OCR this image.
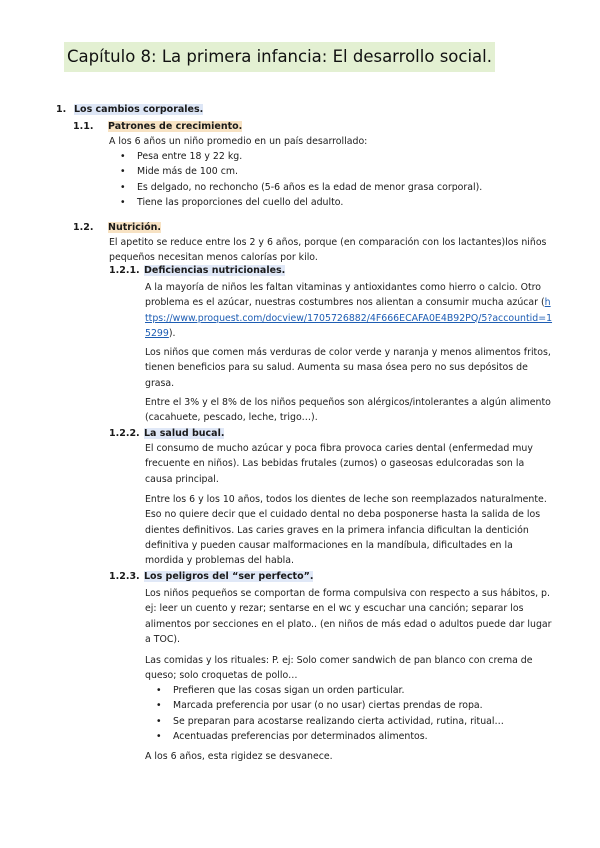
Capítulo 8: La primera infancia: El desarrollo social.
1. Los cambios corporales.
1.1. Patrones de crecimiento.

A los 6 años un niño promedio en un país desarrollado:

• Pesa entre 18 y 22 kg.
• Mide más de 100 cm.
• Es delgado, no rechoncho (5-6 años es la edad de menor grasa corporal).
• Tiene las proporciones del cuello del adulto.
1.2. Nutrición.

El apetito se reduce entre los 2 y 6 años, porque (en comparación con los lactantes)los niños pequeños necesitan menos calorías por kilo.

1.2.1. Deficiencias nutricionales.

A la mayoría de niños les faltan vitaminas y antioxidantes como hierro o calcio. Otro problema es el azúcar, nuestras costumbres nos alientan a consumir mucha azúcar (https://www.proquest.com/docview/1705726882/4F666ECAFA0E4B92PQ/5?accountid=15299).

Los niños que comen más verduras de color verde y naranja y menos alimentos fritos, tienen beneficios para su salud. Aumenta su masa ósea pero no sus depósitos de grasa.

Entre el 3% y el 8% de los niños pequeños son alérgicos/intolerantes a algún alimento (cacahuete, pescado, leche, trigo…).

1.2.2. La salud bucal.

El consumo de mucho azúcar y poca fibra provoca caries dental (enfermedad muy frecuente en niños). Las bebidas frutales (zumos) o gaseosas edulcoradas son la causa principal.

Entre los 6 y los 10 años, todos los dientes de leche son reemplazados naturalmente. Eso no quiere decir que el cuidado dental no deba posponerse hasta la salida de los dientes definitivos. Las caries graves en la primera infancia dificultan la dentición definitiva y pueden causar malformaciones en la mandíbula, dificultades en la mordida y problemas del habla.

1.2.3. Los peligros del “ser perfecto”.

Los niños pequeños se comportan de forma compulsiva con respecto a sus hábitos, p. ej: leer un cuento y rezar; sentarse en el wc y escuchar una canción; separar los alimentos por secciones en el plato.. (en niños de más edad o adultos puede dar lugar a TOC).

Las comidas y los rituales: P. ej: Solo comer sandwich de pan blanco con crema de queso; solo croquetas de pollo…

• Prefieren que las cosas sigan un orden particular.
• Marcada preferencia por usar (o no usar) ciertas prendas de ropa.
• Se preparan para acostarse realizando cierta actividad, rutina, ritual…
• Acentuadas preferencias por determinados alimentos.

A los 6 años, esta rigidez se desvanece.
